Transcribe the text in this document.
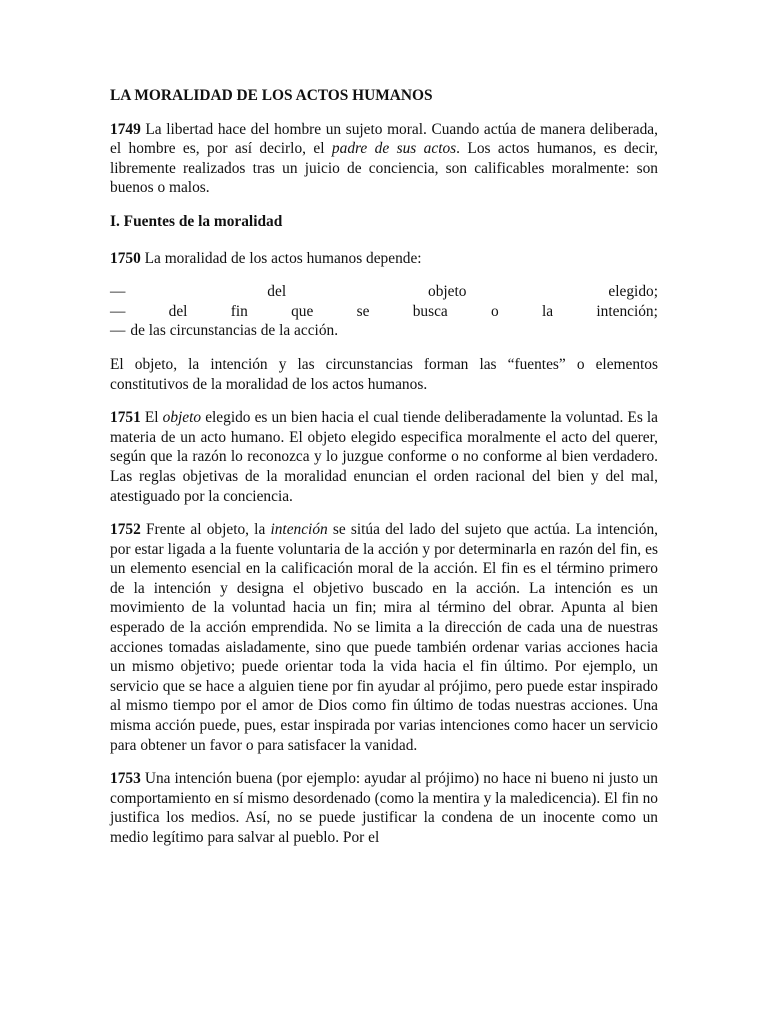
LA MORALIDAD DE LOS ACTOS HUMANOS

1749 La libertad hace del hombre un sujeto moral. Cuando actúa de manera deliberada, el hombre es, por así decirlo, el padre de sus actos. Los actos humanos, es decir, libremente realizados tras un juicio de conciencia, son calificables moralmente: son buenos o malos.

I. Fuentes de la moralidad

1750 La moralidad de los actos humanos depende:

—	del	objeto	elegido;
—	del	fin	que	se	busca	o	la	intención;
— de las circunstancias de la acción.

El objeto, la intención y las circunstancias forman las “fuentes” o elementos constitutivos de la moralidad de los actos humanos.

1751 El objeto elegido es un bien hacia el cual tiende deliberadamente la voluntad. Es la materia de un acto humano. El objeto elegido especifica moralmente el acto del querer, según que la razón lo reconozca y lo juzgue conforme o no conforme al bien verdadero. Las reglas objetivas de la moralidad enuncian el orden racional del bien y del mal, atestiguado por la conciencia.

1752 Frente al objeto, la intención se sitúa del lado del sujeto que actúa. La intención, por estar ligada a la fuente voluntaria de la acción y por determinarla en razón del fin, es un elemento esencial en la calificación moral de la acción. El fin es el término primero de la intención y designa el objetivo buscado en la acción. La intención es un movimiento de la voluntad hacia un fin; mira al término del obrar. Apunta al bien esperado de la acción emprendida. No se limita a la dirección de cada una de nuestras acciones tomadas aisladamente, sino que puede también ordenar varias acciones hacia un mismo objetivo; puede orientar toda la vida hacia el fin último. Por ejemplo, un servicio que se hace a alguien tiene por fin ayudar al prójimo, pero puede estar inspirado al mismo tiempo por el amor de Dios como fin último de todas nuestras acciones. Una misma acción puede, pues, estar inspirada por varias intenciones como hacer un servicio para obtener un favor o para satisfacer la vanidad.

1753 Una intención buena (por ejemplo: ayudar al prójimo) no hace ni bueno ni justo un comportamiento en sí mismo desordenado (como la mentira y la maledicencia). El fin no justifica los medios. Así, no se puede justificar la condena de un inocente como un medio legítimo para salvar al pueblo. Por el
